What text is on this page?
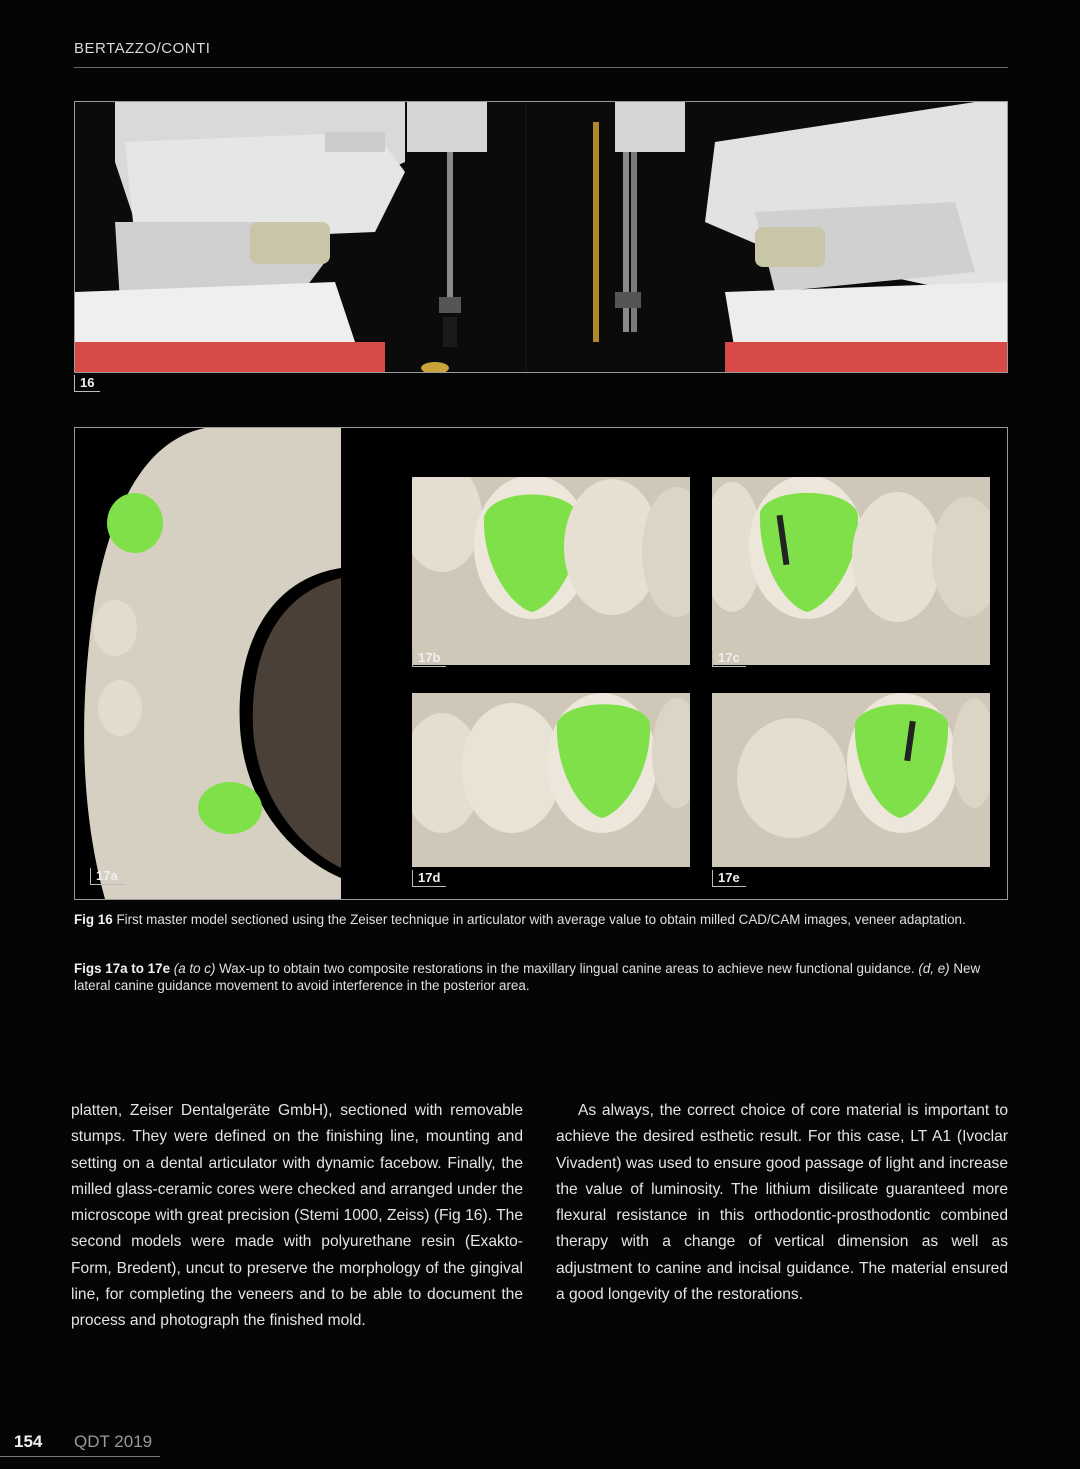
BERTAZZO/CONTI
16
17a
17b	17c
17d	17e
Fig 16 First master model sectioned using the Zeiser technique in articulator with average value to obtain milled CAD/CAM images, veneer adaptation.
Figs 17a to 17e (a to c) Wax-up to obtain two composite restorations in the maxillary lingual canine areas to achieve new functional guidance. (d, e) New lateral canine guidance movement to avoid interference in the posterior area.

platten, Zeiser Dentalgeräte GmbH), sectioned with removable stumps. They were defined on the finishing line, mounting and setting on a dental articulator with dynamic facebow. Finally, the milled glass-ceramic cores were checked and arranged under the microscope with great precision (Stemi 1000, Zeiss) (Fig 16). The second models were made with polyurethane resin (Exakto-Form, Bredent), uncut to preserve the morphology of the gingival line, for completing the veneers and to be able to document the process and photograph the finished mold.

As always, the correct choice of core material is important to achieve the desired esthetic result. For this case, LT A1 (Ivoclar Vivadent) was used to ensure good passage of light and increase the value of luminosity. The lithium disilicate guaranteed more flexural resistance in this orthodontic-prosthodontic combined therapy with a change of vertical dimension as well as adjustment to canine and incisal guidance. The material ensured a good longevity of the restorations.

154 QDT 2019
